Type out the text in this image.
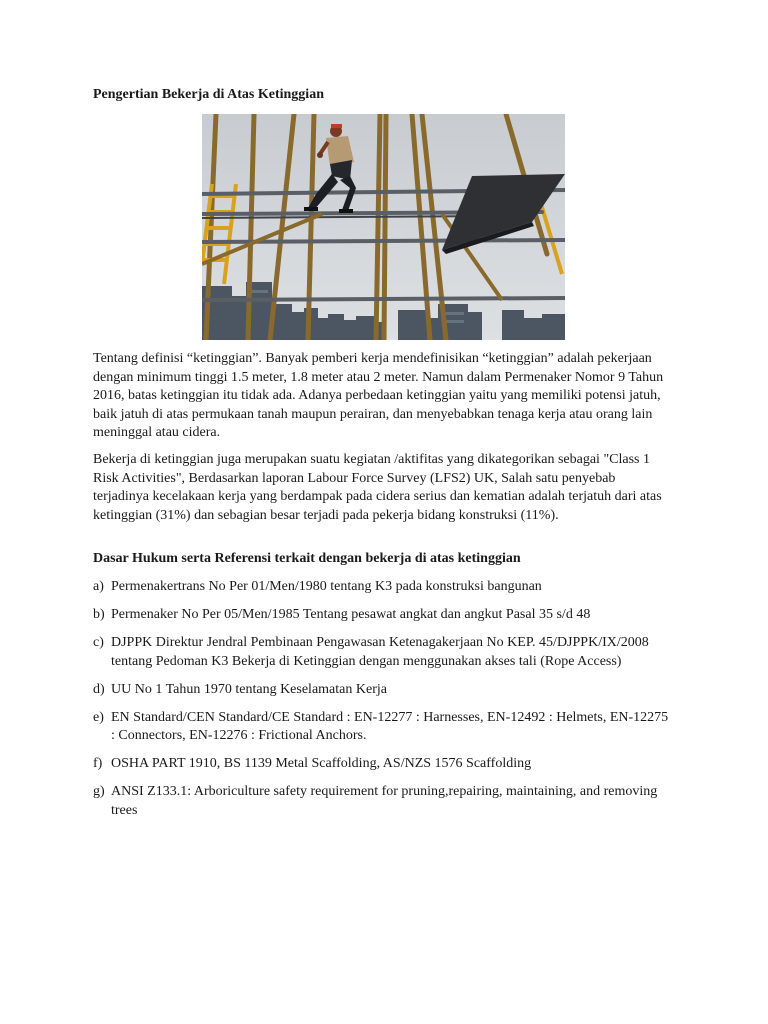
Pengertian Bekerja di Atas Ketinggian

Tentang definisi “ketinggian”. Banyak pemberi kerja mendefinisikan “ketinggian” adalah pekerjaan dengan minimum tinggi 1.5 meter, 1.8 meter atau 2 meter. Namun dalam Permenaker Nomor 9 Tahun 2016, batas ketinggian itu tidak ada. Adanya perbedaan ketinggian yaitu yang memiliki potensi jatuh, baik jatuh di atas permukaan tanah maupun perairan, dan menyebabkan tenaga kerja atau orang lain meninggal atau cidera.

Bekerja di ketinggian juga merupakan suatu kegiatan /aktifitas yang dikategorikan sebagai "Class 1 Risk Activities", Berdasarkan laporan Labour Force Survey (LFS2) UK, Salah satu penyebab terjadinya kecelakaan kerja yang berdampak pada cidera serius dan kematian adalah terjatuh dari atas ketinggian (31%) dan sebagian besar terjadi pada pekerja bidang konstruksi (11%).

Dasar Hukum serta Referensi terkait dengan bekerja di atas ketinggian
a) Permenakertrans No Per 01/Men/1980 tentang K3 pada konstruksi bangunan
b) Permenaker No Per 05/Men/1985 Tentang pesawat angkat dan angkut Pasal 35 s/d 48
c) DJPPK Direktur Jendral Pembinaan Pengawasan Ketenagakerjaan No KEP. 45/DJPPK/IX/2008 tentang Pedoman K3 Bekerja di Ketinggian dengan menggunakan akses tali (Rope Access)
d) UU No 1 Tahun 1970 tentang Keselamatan Kerja
e) EN Standard/CEN Standard/CE Standard : EN-12277 : Harnesses, EN-12492 : Helmets, EN-12275 : Connectors, EN-12276 : Frictional Anchors.
f) OSHA PART 1910, BS 1139 Metal Scaffolding, AS/NZS 1576 Scaffolding
g) ANSI Z133.1: Arboriculture safety requirement for pruning,repairing, maintaining, and removing trees
